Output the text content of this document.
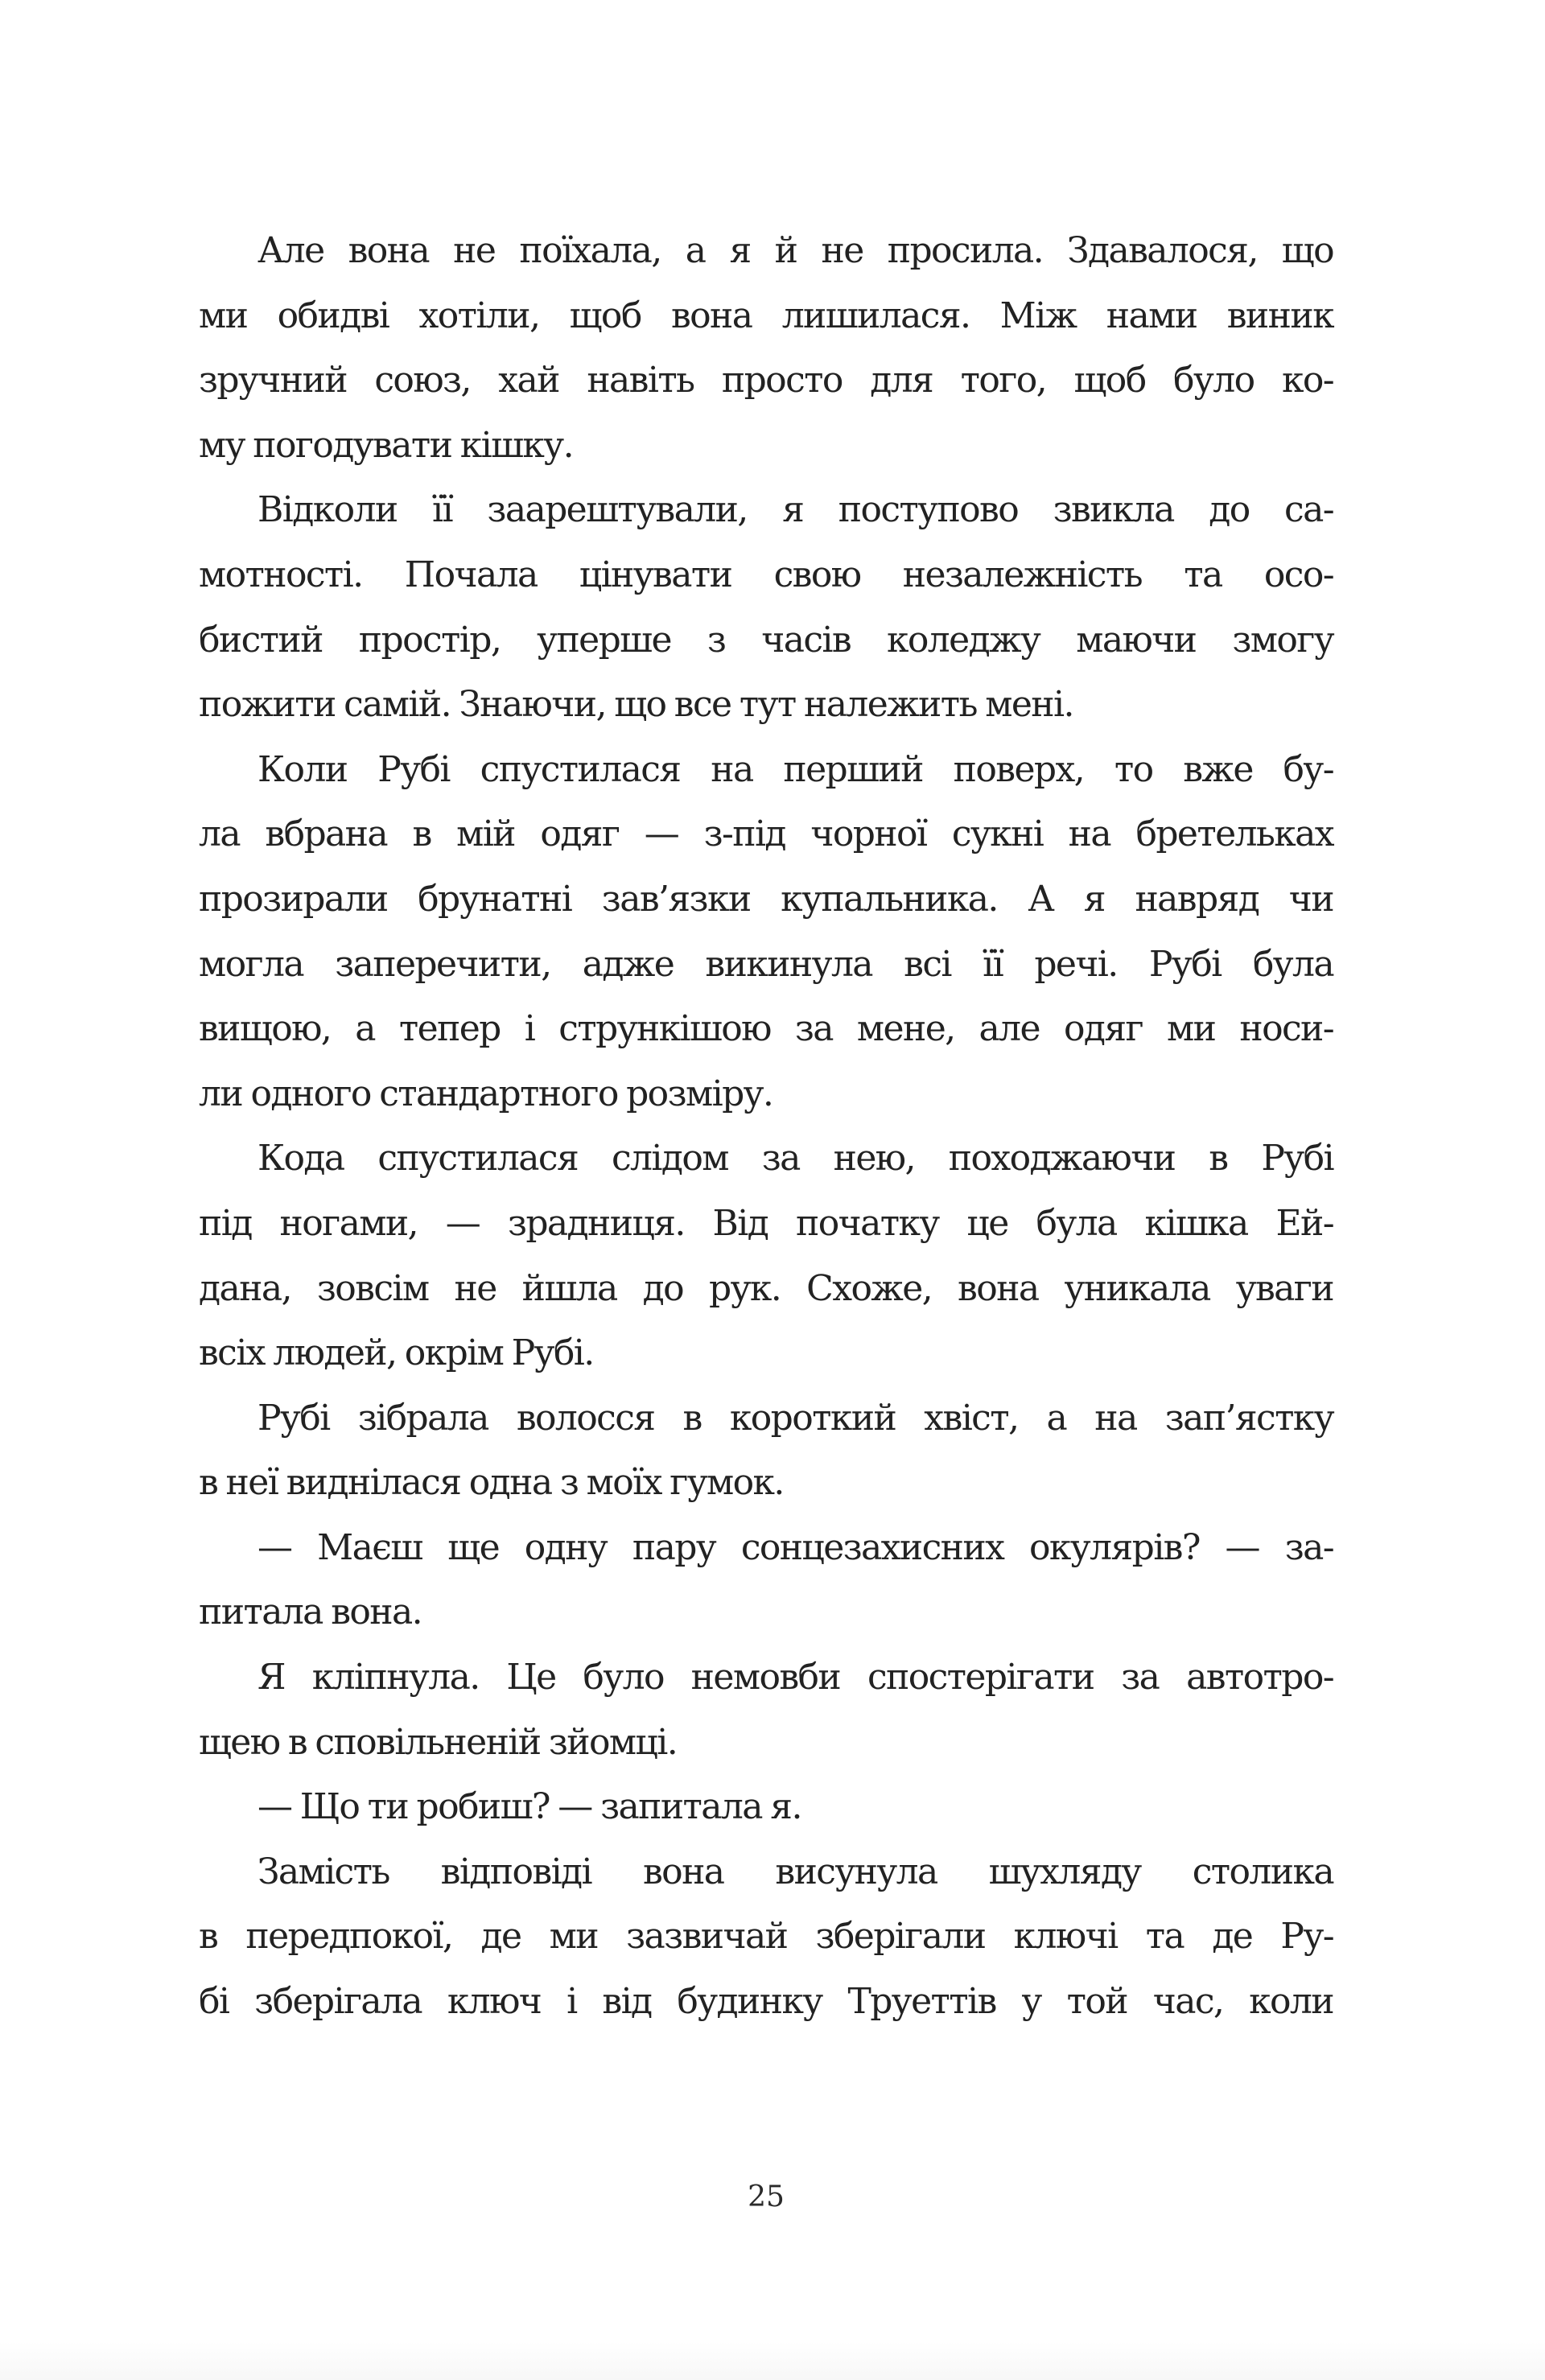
Але вона не поїхала, а я й не просила. Здавалося, що
ми обидві хотіли, щоб вона лишилася. Між нами виник
зручний союз, хай навіть просто для того, щоб було ко-
му погодувати кішку.
Відколи її заарештували, я поступово звикла до са-
мотності. Почала цінувати свою незалежність та осо-
бистий простір, уперше з часів коледжу маючи змогу
пожити самій. Знаючи, що все тут належить мені.
Коли Рубі спустилася на перший поверх, то вже бу-
ла вбрана в мій одяг — з-під чорної сукні на бретельках
прозирали брунатні зав’язки купальника. А я навряд чи
могла заперечити, адже викинула всі її речі. Рубі була
вищою, а тепер і стрункішою за мене, але одяг ми носи-
ли одного стандартного розміру.
Кода спустилася слідом за нею, походжаючи в Рубі
під ногами, — зрадниця. Від початку це була кішка Ей-
дана, зовсім не йшла до рук. Схоже, вона уникала уваги
всіх людей, окрім Рубі.
Рубі зібрала волосся в короткий хвіст, а на зап’ястку
в неї виднілася одна з моїх гумок.
— Маєш ще одну пару сонцезахисних окулярів? — за-
питала вона.
Я кліпнула. Це було немовби спостерігати за автотро-
щею в сповільненій зйомці.
— Що ти робиш? — запитала я.
Замість відповіді вона висунула шухляду столика
в передпокої, де ми зазвичай зберігали ключі та де Ру-
бі зберігала ключ і від будинку Труеттів у той час, коли
25
